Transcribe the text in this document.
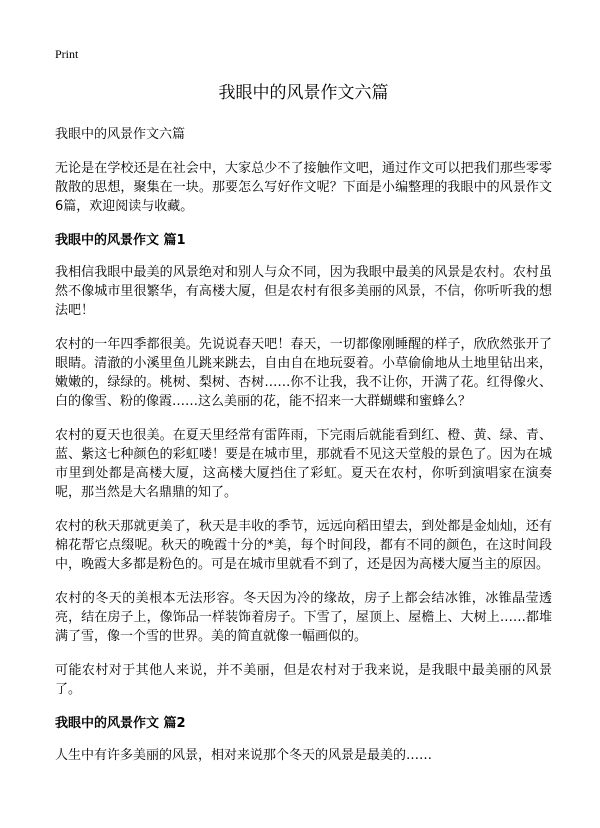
Print
我眼中的风景作文六篇
我眼中的风景作文六篇

无论是在学校还是在社会中，大家总少不了接触作文吧，通过作文可以把我们那些零零散散的思想，聚集在一块。那要怎么写好作文呢？下面是小编整理的我眼中的风景作文6篇，欢迎阅读与收藏。

我眼中的风景作文 篇1

我相信我眼中最美的风景绝对和别人与众不同，因为我眼中最美的风景是农村。农村虽然不像城市里很繁华，有高楼大厦，但是农村有很多美丽的风景，不信，你听听我的想法吧！

农村的一年四季都很美。先说说春天吧！春天，一切都像刚睡醒的样子，欣欣然张开了眼睛。清澈的小溪里鱼儿跳来跳去，自由自在地玩耍着。小草偷偷地从土地里钻出来，嫩嫩的，绿绿的。桃树、梨树、杏树……你不让我，我不让你，开满了花。红得像火、白的像雪、粉的像霞……这么美丽的花，能不招来一大群蝴蝶和蜜蜂么？

农村的夏天也很美。在夏天里经常有雷阵雨，下完雨后就能看到红、橙、黄、绿、青、蓝、紫这七种颜色的彩虹喽！要是在城市里，那就看不见这天堂般的景色了。因为在城市里到处都是高楼大厦，这高楼大厦挡住了彩虹。夏天在农村，你听到演唱家在演奏呢，那当然是大名鼎鼎的知了。

农村的秋天那就更美了，秋天是丰收的季节，远远向稻田望去，到处都是金灿灿，还有棉花帮它点缀呢。秋天的晚霞十分的*美，每个时间段，都有不同的颜色，在这时间段中，晚霞大多都是粉色的。可是在城市里就看不到了，还是因为高楼大厦当主的原因。

农村的冬天的美根本无法形容。冬天因为冷的缘故，房子上都会结冰锥，冰锥晶莹透亮，结在房子上，像饰品一样装饰着房子。下雪了，屋顶上、屋檐上、大树上……都堆满了雪，像一个雪的世界。美的简直就像一幅画似的。

可能农村对于其他人来说，并不美丽，但是农村对于我来说，是我眼中最美丽的风景了。

我眼中的风景作文 篇2

人生中有许多美丽的风景，相对来说那个冬天的风景是最美的……
